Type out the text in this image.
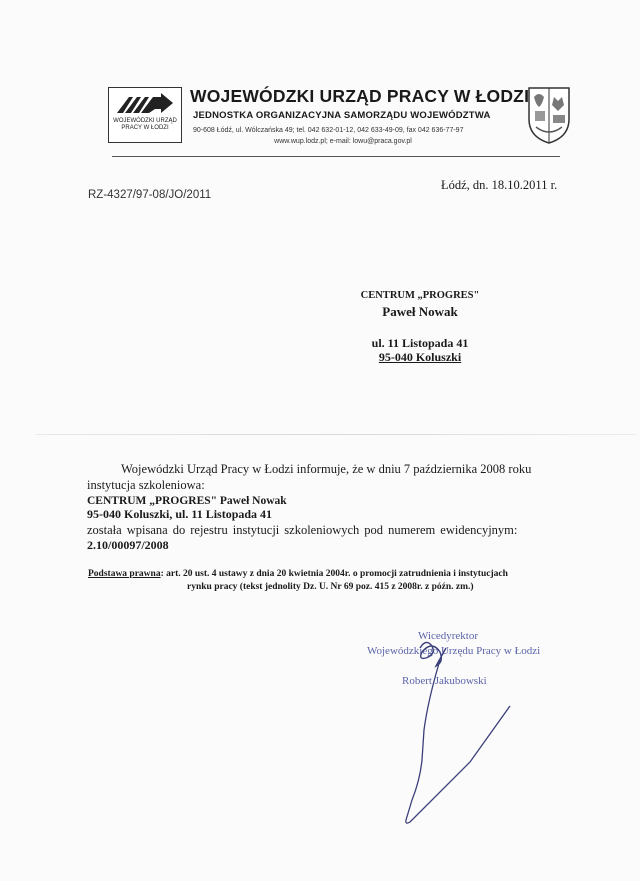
WOJEWÓDZKI URZĄD PRACY W ŁODZI
WOJEWÓDZKI URZĄD PRACY W ŁODZI
JEDNOSTKA ORGANIZACYJNA SAMORZĄDU WOJEWÓDZTWA
90-608 Łódź, ul. Wólczańska 49; tel. 042 632-01-12, 042 633-49-09, fax 042 636-77-97
www.wup.lodz.pl; e-mail: lowu@praca.gov.pl
Łódź, dn. 18.10.2011 r.
RZ-4327/97-08/JO/2011
CENTRUM „PROGRES"
Paweł Nowak
ul. 11 Listopada 41
95-040 Koluszki
Wojewódzki Urząd Pracy w Łodzi informuje, że w dniu 7 października 2008 roku
instytucja szkoleniowa:
CENTRUM „PROGRES" Paweł Nowak
95-040 Koluszki, ul. 11 Listopada 41
została wpisana do rejestru instytucji szkoleniowych pod numerem ewidencyjnym:
2.10/00097/2008
Podstawa prawna: art. 20 ust. 4 ustawy z dnia 20 kwietnia 2004r. o promocji zatrudnienia i instytucjach
rynku pracy (tekst jednolity Dz. U. Nr 69 poz. 415 z 2008r. z późn. zm.)
Wicedyrektor
Wojewódzkiego Urzędu Pracy w Łodzi
Robert Jakubowski
